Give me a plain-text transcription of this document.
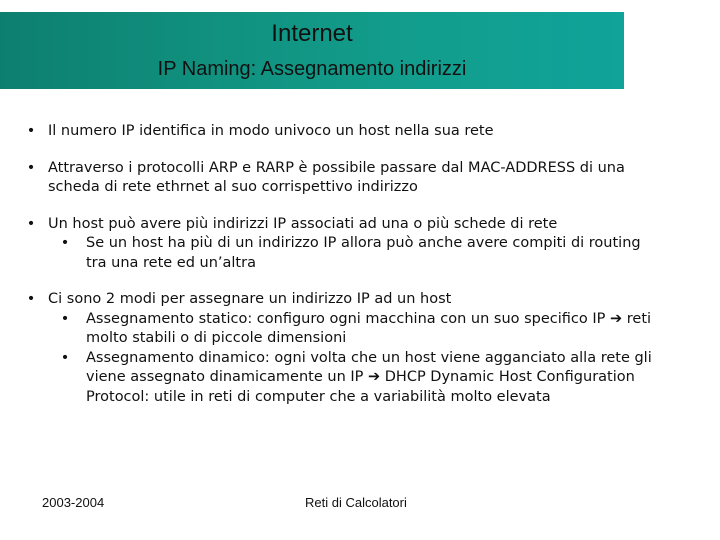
Internet
IP Naming: Assegnamento indirizzi
• Il numero IP identifica in modo univoco un host nella sua rete
• Attraverso i protocolli ARP e RARP è possibile passare dal MAC-ADDRESS di una scheda di rete ethrnet al suo corrispettivo indirizzo
• Un host può avere più indirizzi IP associati ad una o più schede di rete
• Se un host ha più di un indirizzo IP allora può anche avere compiti di routing tra una rete ed un’altra
• Ci sono 2 modi per assegnare un indirizzo IP ad un host
• Assegnamento statico: configuro ogni macchina con un suo specifico IP ➔ reti molto stabili o di piccole dimensioni
• Assegnamento dinamico: ogni volta che un host viene agganciato alla rete gli viene assegnato dinamicamente un IP ➔ DHCP Dynamic Host Configuration Protocol: utile in reti di computer che a variabilità molto elevata
2003-2004	Reti di Calcolatori
